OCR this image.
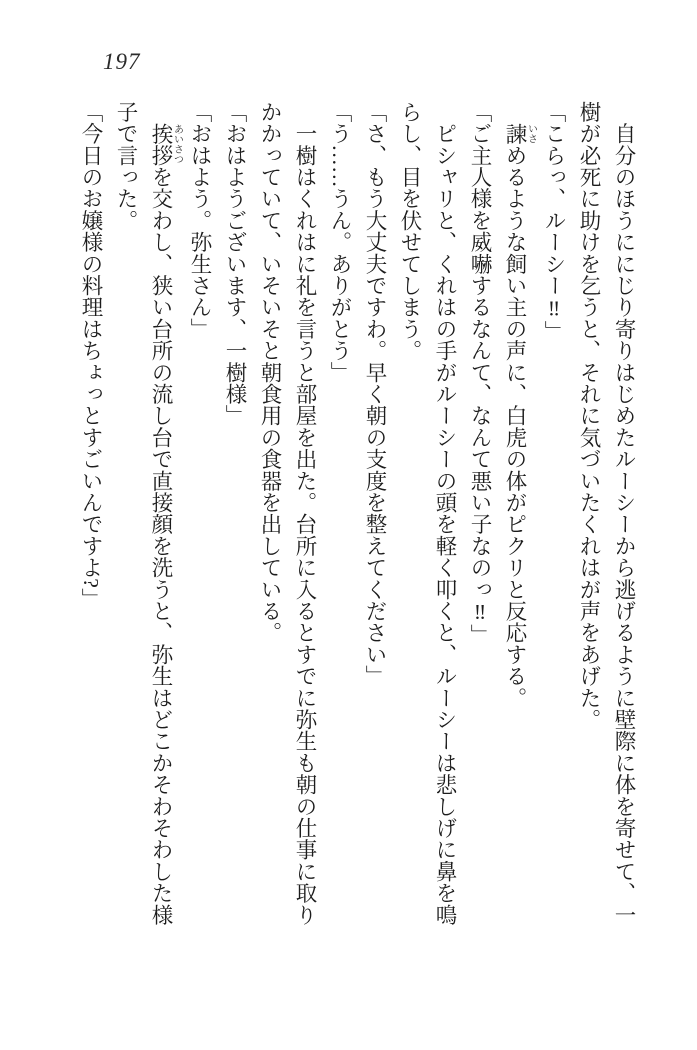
197

　自分のほうににじり寄りはじめたルーシーから逃げるように壁際に体を寄せて、一

樹が必死に助けを乞うと、それに気づいたくれはが声をあげた。

「こらっ、ルーシー‼」

　諫いさめるような飼い主の声に、白虎の体がピクリと反応する。

「ご主人様を威嚇するなんて、なんて悪い子なのっ‼」

　ピシャリと、くれはの手がルーシーの頭を軽く叩くと、ルーシーは悲しげに鼻を鳴

らし、目を伏せてしまう。

「さ、もう大丈夫ですわ。早く朝の支度を整えてください」

「う……うん。ありがとう」

　一樹はくれはに礼を言うと部屋を出た。台所に入るとすでに弥生も朝の仕事に取り

かかっていて、いそいそと朝食用の食器を出している。

「おはようございます、一樹様」

「おはよう。弥生さん」

　挨拶あいさつを交わし、狭い台所の流し台で直接顔を洗うと、弥生はどこかそわそわした様

子で言った。

「今日のお嬢様の料理はちょっとすごいんですよ?」
